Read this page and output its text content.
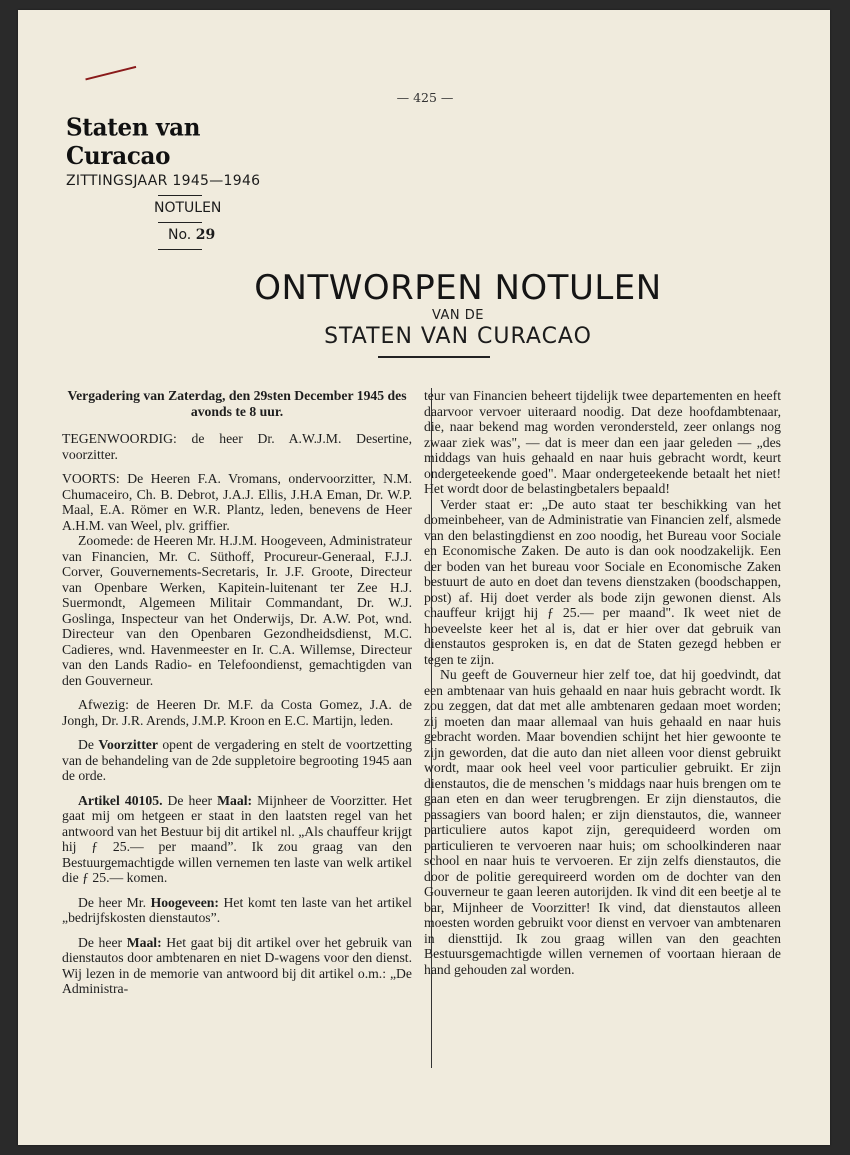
— 425 —
Staten van Curacao
ZITTINGSJAAR 1945—1946
NOTULEN
No. 29
ONTWORPEN NOTULEN
VAN DE
STATEN VAN CURACAO

Vergadering van Zaterdag, den 29sten December 1945 des avonds te 8 uur.

TEGENWOORDIG: de heer Dr. A.W.J.M. Desertine, voorzitter.

VOORTS: De Heeren F.A. Vromans, ondervoorzitter, N.M. Chumaceiro, Ch. B. Debrot, J.A.J. Ellis, J.H.A Eman, Dr. W.P. Maal, E.A. Römer en W.R. Plantz, leden, benevens de Heer A.H.M. van Weel, plv. griffier.

Zoomede: de Heeren Mr. H.J.M. Hoogeveen, Administrateur van Financien, Mr. C. Süthoff, Procureur-Generaal, F.J.J. Corver, Gouvernements-Secretaris, Ir. J.F. Groote, Directeur van Openbare Werken, Kapitein-luitenant ter Zee H.J. Suermondt, Algemeen Militair Commandant, Dr. W.J. Goslinga, Inspecteur van het Onderwijs, Dr. A.W. Pot, wnd. Directeur van den Openbaren Gezondheidsdienst, M.C. Cadieres, wnd. Havenmeester en Ir. C.A. Willemse, Directeur van den Lands Radio- en Telefoondienst, gemachtigden van den Gouverneur.

Afwezig: de Heeren Dr. M.F. da Costa Gomez, J.A. de Jongh, Dr. J.R. Arends, J.M.P. Kroon en E.C. Martijn, leden.

De Voorzitter opent de vergadering en stelt de voortzetting van de behandeling van de 2de suppletoire begrooting 1945 aan de orde.

Artikel 40105. De heer Maal: Mijnheer de Voorzitter. Het gaat mij om hetgeen er staat in den laatsten regel van het antwoord van het Bestuur bij dit artikel nl. „Als chauffeur krijgt hij ƒ 25.— per maand”. Ik zou graag van den Bestuurgemachtigde willen vernemen ten laste van welk artikel die ƒ 25.— komen.

De heer Mr. Hoogeveen: Het komt ten laste van het artikel „bedrijfskosten dienstautos”.

De heer Maal: Het gaat bij dit artikel over het gebruik van dienstautos door ambtenaren en niet D-wagens voor den dienst. Wij lezen in de memorie van antwoord bij dit artikel o.m.: „De Administra-

teur van Financien beheert tijdelijk twee departementen en heeft daarvoor vervoer uiteraard noodig. Dat deze hoofdambtenaar, die, naar bekend mag worden verondersteld, zeer onlangs nog zwaar ziek was", — dat is meer dan een jaar geleden — „des middags van huis gehaald en naar huis gebracht wordt, keurt ondergeteekende goed". Maar ondergeteekende betaalt het niet! Het wordt door de belastingbetalers bepaald!

Verder staat er: „De auto staat ter beschikking van het domeinbeheer, van de Administratie van Financien zelf, alsmede van den belastingdienst en zoo noodig, het Bureau voor Sociale en Economische Zaken. De auto is dan ook noodzakelijk. Een der boden van het bureau voor Sociale en Economische Zaken bestuurt de auto en doet dan tevens dienstzaken (boodschappen, post) af. Hij doet verder als bode zijn gewonen dienst. Als chauffeur krijgt hij ƒ 25.— per maand". Ik weet niet de hoeveelste keer het al is, dat er hier over dat gebruik van dienstautos gesproken is, en dat de Staten gezegd hebben er tegen te zijn.

Nu geeft de Gouverneur hier zelf toe, dat hij goedvindt, dat een ambtenaar van huis gehaald en naar huis gebracht wordt. Ik zou zeggen, dat dat met alle ambtenaren gedaan moet worden; zij moeten dan maar allemaal van huis gehaald en naar huis gebracht worden. Maar bovendien schijnt het hier gewoonte te zijn geworden, dat die auto dan niet alleen voor dienst gebruikt wordt, maar ook heel veel voor particulier gebruikt. Er zijn dienstautos, die de menschen 's middags naar huis brengen om te gaan eten en dan weer terugbrengen. Er zijn dienstautos, die passagiers van boord halen; er zijn dienstautos, die, wanneer particuliere autos kapot zijn, gerequideerd worden om particulieren te vervoeren naar huis; om schoolkinderen naar school en naar huis te vervoeren. Er zijn zelfs dienstautos, die door de politie gerequireerd worden om de dochter van den Gouverneur te gaan leeren autorijden. Ik vind dit een beetje al te bar, Mijnheer de Voorzitter! Ik vind, dat dienstautos alleen moesten worden gebruikt voor dienst en vervoer van ambtenaren in diensttijd. Ik zou graag willen van den geachten Bestuursgemachtigde willen vernemen of voortaan hieraan de hand gehouden zal worden.
